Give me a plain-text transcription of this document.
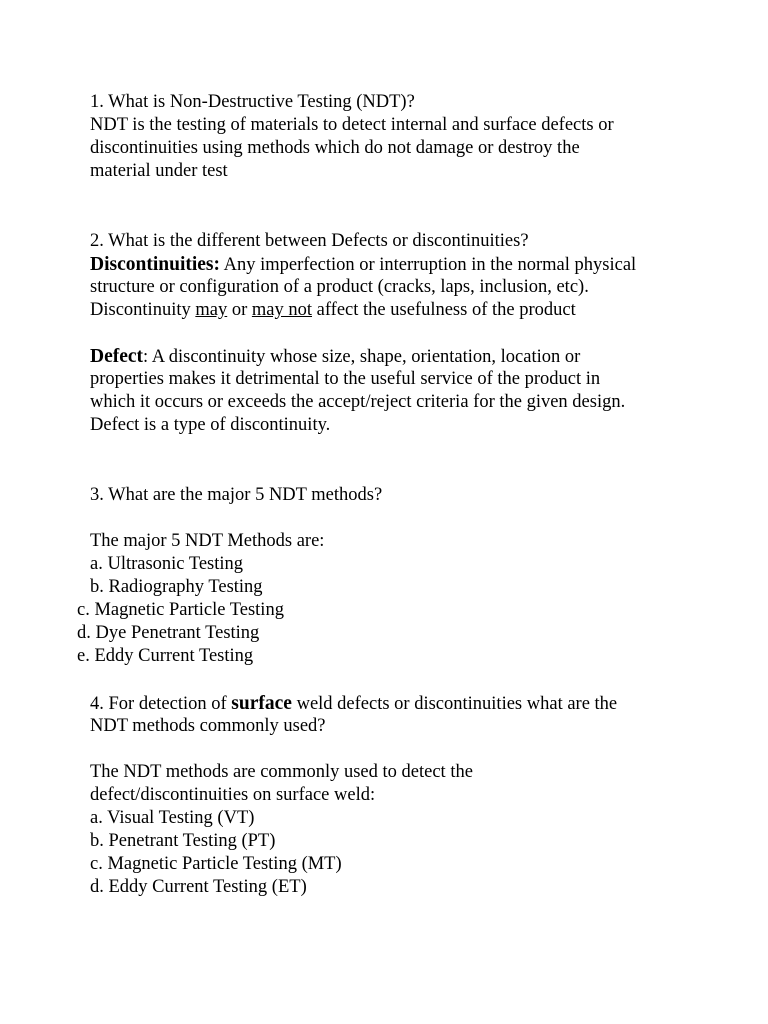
1. What is Non-Destructive Testing (NDT)?
NDT is the testing of materials to detect internal and surface defects or
discontinuities using methods which do not damage or destroy the
material under test
2. What is the different between Defects or discontinuities?
Discontinuities: Any imperfection or interruption in the normal physical
structure or configuration of a product (cracks, laps, inclusion, etc).
Discontinuity may or may not affect the usefulness of the product
Defect: A discontinuity whose size, shape, orientation, location or
properties makes it detrimental to the useful service of the product in
which it occurs or exceeds the accept/reject criteria for the given design.
Defect is a type of discontinuity.
3. What are the major 5 NDT methods?
The major 5 NDT Methods are:
a. Ultrasonic Testing
b. Radiography Testing
c. Magnetic Particle Testing
d. Dye Penetrant Testing
e. Eddy Current Testing
4. For detection of surface weld defects or discontinuities what are the
NDT methods commonly used?
The NDT methods are commonly used to detect the
defect/discontinuities on surface weld:
a. Visual Testing (VT)
b. Penetrant Testing (PT)
c. Magnetic Particle Testing (MT)
d. Eddy Current Testing (ET)
